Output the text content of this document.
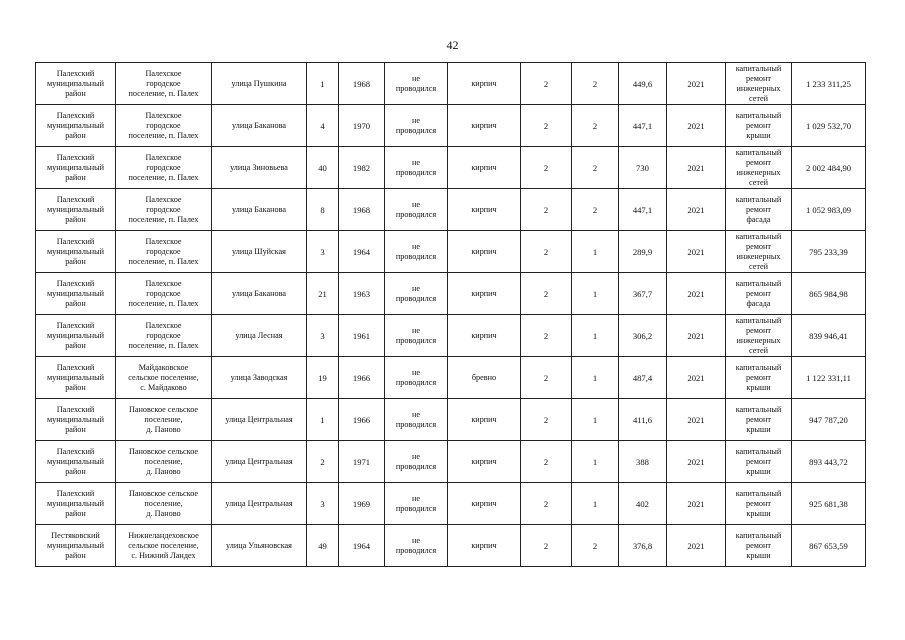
42
Палехский
муниципальный
район	Палехское
городское
поселение, п. Палех	улица Пушкина	1	1968	не
проводился	кирпич	2	2	449,6	2021	капитальный
ремонт
инженерных
сетей	1 233 311,25
Палехский
муниципальный
район	Палехское
городское
поселение, п. Палех	улица Баканова	4	1970	не
проводился	кирпич	2	2	447,1	2021	капитальный
ремонт
крыши	1 029 532,70
Палехский
муниципальный
район	Палехское
городское
поселение, п. Палех	улица Зиновьева	40	1982	не
проводился	кирпич	2	2	730	2021	капитальный
ремонт
инженерных
сетей	2 002 484,90
Палехский
муниципальный
район	Палехское
городское
поселение, п. Палех	улица Баканова	8	1968	не
проводился	кирпич	2	2	447,1	2021	капитальный
ремонт
фасада	1 052 983,09
Палехский
муниципальный
район	Палехское
городское
поселение, п. Палех	улица Шуйская	3	1964	не
проводился	кирпич	2	1	289,9	2021	капитальный
ремонт
инженерных
сетей	795 233,39
Палехский
муниципальный
район	Палехское
городское
поселение, п. Палех	улица Баканова	21	1963	не
проводился	кирпич	2	1	367,7	2021	капитальный
ремонт
фасада	865 984,98
Палехский
муниципальный
район	Палехское
городское
поселение, п. Палех	улица Лесная	3	1961	не
проводился	кирпич	2	1	306,2	2021	капитальный
ремонт
инженерных
сетей	839 946,41
Палехский
муниципальный
район	Майдаковское
сельское поселение,
с. Майдаково	улица Заводская	19	1966	не
проводился	бревно	2	1	487,4	2021	капитальный
ремонт
крыши	1 122 331,11
Палехский
муниципальный
район	Пановское сельское
поселение,
д. Паново	улица Центральная	1	1966	не
проводился	кирпич	2	1	411,6	2021	капитальный
ремонт
крыши	947 787,20
Палехский
муниципальный
район	Пановское сельское
поселение,
д. Паново	улица Центральная	2	1971	не
проводился	кирпич	2	1	388	2021	капитальный
ремонт
крыши	893 443,72
Палехский
муниципальный
район	Пановское сельское
поселение,
д. Паново	улица Центральная	3	1969	не
проводился	кирпич	2	1	402	2021	капитальный
ремонт
крыши	925 681,38
Пестяковский
муниципальный
район	Нижнеландеховское
сельское поселение,
с. Нижний Ландех	улица Ульяновская	49	1964	не
проводился	кирпич	2	2	376,8	2021	капитальный
ремонт
крыши	867 653,59
